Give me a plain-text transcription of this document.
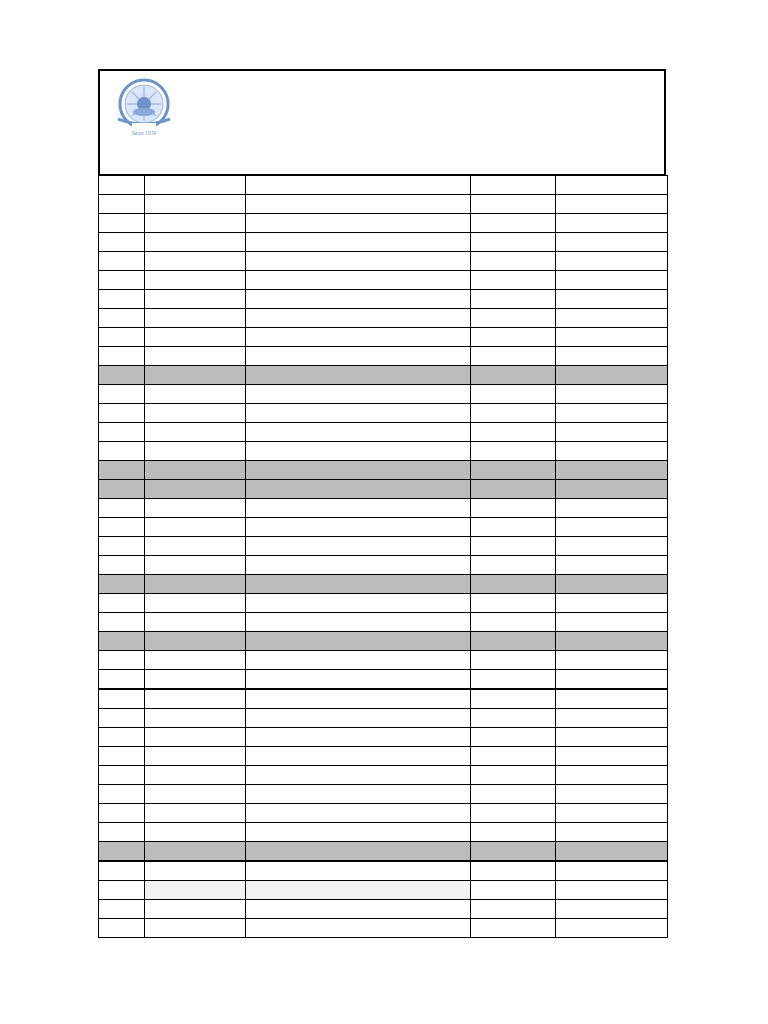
Since 1976
